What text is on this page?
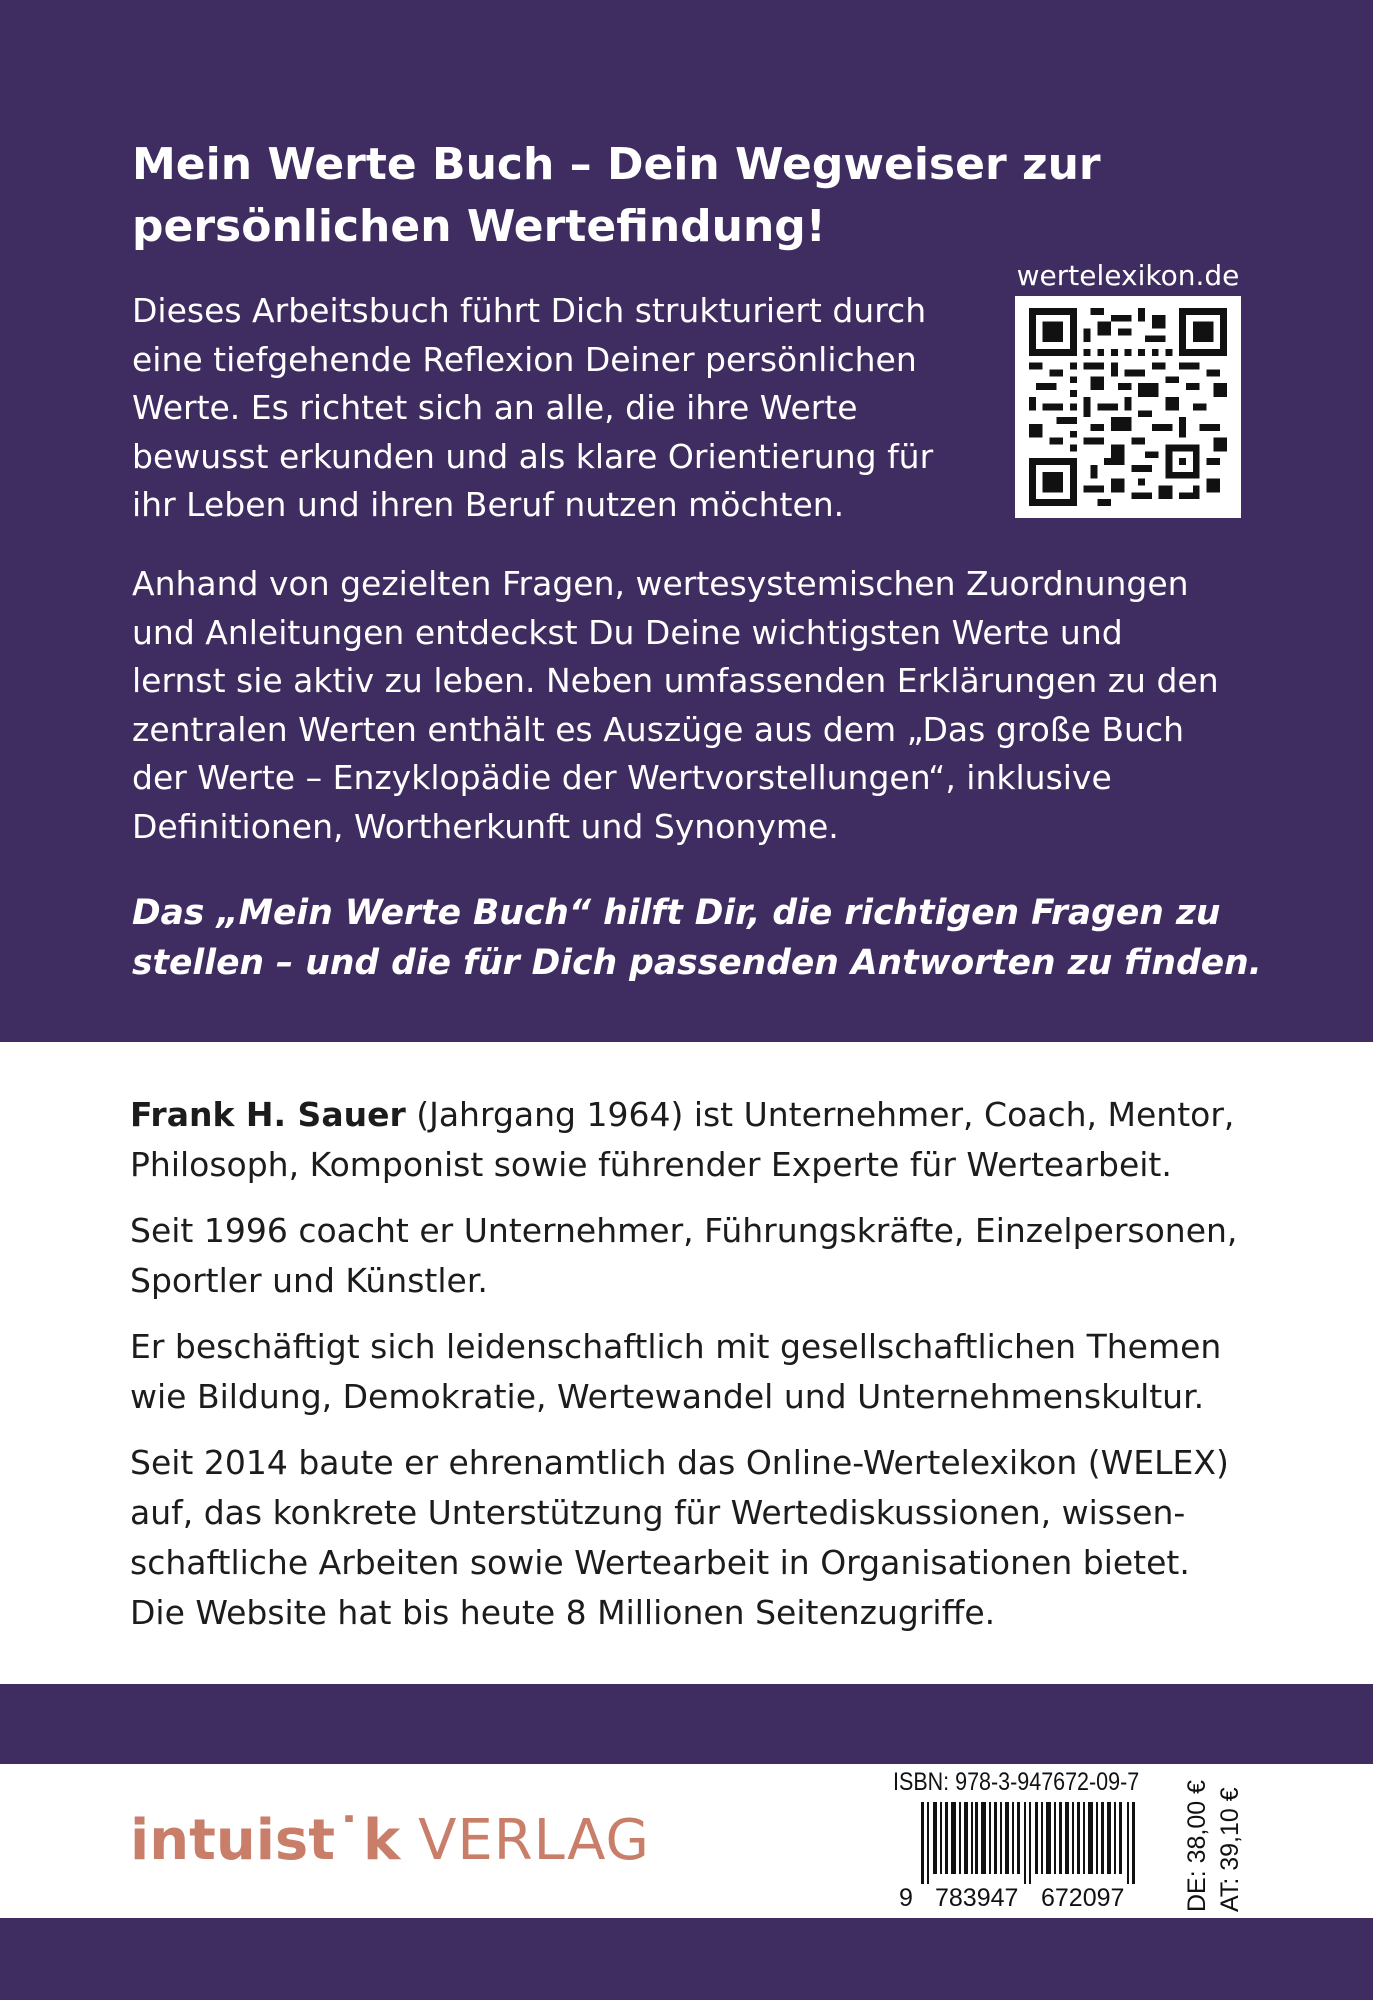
Mein Werte Buch – Dein Wegweiser zur
persönlichen Wertefindung!
Dieses Arbeitsbuch führt Dich strukturiert durch
eine tiefgehende Reflexion Deiner persönlichen
Werte. Es richtet sich an alle, die ihre Werte
bewusst erkunden und als klare Orientierung für
ihr Leben und ihren Beruf nutzen möchten.
wertelexikon.de
Anhand von gezielten Fragen, wertesystemischen Zuordnungen
und Anleitungen entdeckst Du Deine wichtigsten Werte und
lernst sie aktiv zu leben. Neben umfassenden Erklärungen zu den
zentralen Werten enthält es Auszüge aus dem „Das große Buch
der Werte – Enzyklopädie der Wertvorstellungen“, inklusive
Definitionen, Wortherkunft und Synonyme.
Das „Mein Werte Buch“ hilft Dir, die richtigen Fragen zu
stellen – und die für Dich passenden Antworten zu finden.

Frank H. Sauer (Jahrgang 1964) ist Unternehmer, Coach, Mentor,
Philosoph, Komponist sowie führender Experte für Wertearbeit.

Seit 1996 coacht er Unternehmer, Führungskräfte, Einzelpersonen,
Sportler und Künstler.

Er beschäftigt sich leidenschaftlich mit gesellschaftlichen Themen
wie Bildung, Demokratie, Wertewandel und Unternehmenskultur.

Seit 2014 baute er ehrenamtlich das Online-Wertelexikon (WELEX)
auf, das konkrete Unterstützung für Wertediskussionen, wissen-
schaftliche Arbeiten sowie Wertearbeit in Organisationen bietet.
Die Website hat bis heute 8 Millionen Seitenzugriffe.

intuist˙k VERLAG
ISBN: 978-3-947672-09-7
9 783947 672097 DE: 38,00 € AT: 39,10 €
